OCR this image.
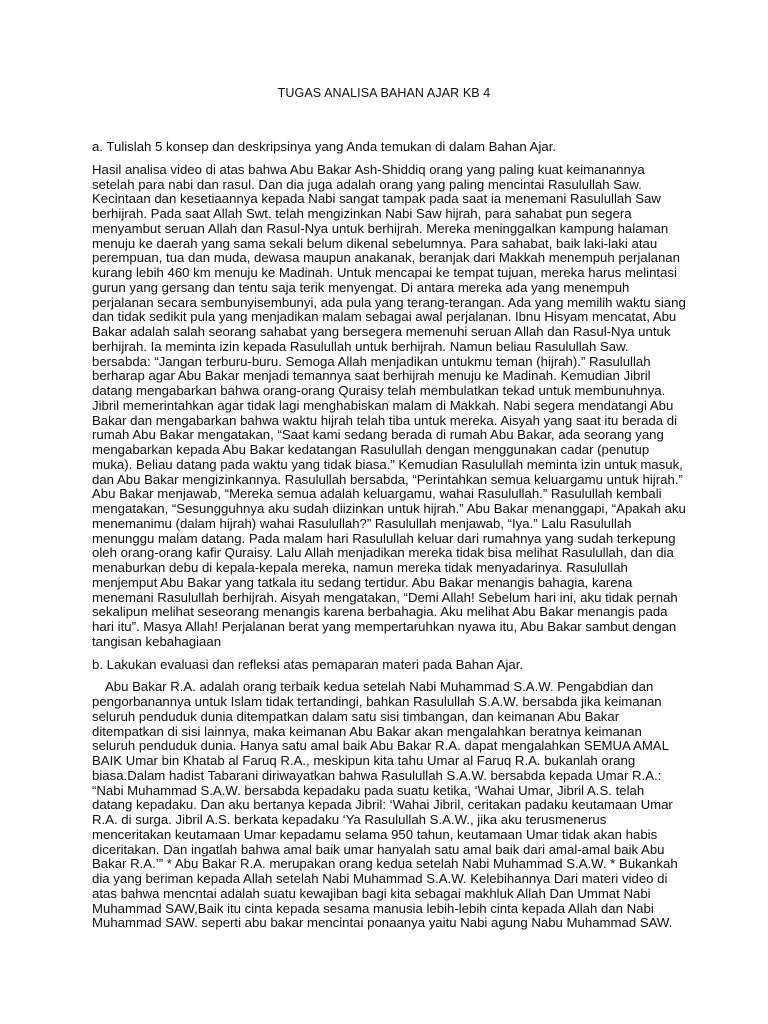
TUGAS ANALISA BAHAN AJAR KB 4

a. Tulislah 5 konsep dan deskripsinya yang Anda temukan di dalam Bahan Ajar.

Hasil analisa video di atas bahwa Abu Bakar Ash-Shiddiq orang yang paling kuat keimanannya setelah para nabi dan rasul. Dan dia juga adalah orang yang paling mencintai Rasulullah Saw. Kecintaan dan kesetiaannya kepada Nabi sangat tampak pada saat ia menemani Rasulullah Saw berhijrah. Pada saat Allah Swt. telah mengizinkan Nabi Saw hijrah, para sahabat pun segera menyambut seruan Allah dan Rasul-Nya untuk berhijrah. Mereka meninggalkan kampung halaman menuju ke daerah yang sama sekali belum dikenal sebelumnya. Para sahabat, baik laki-laki atau perempuan, tua dan muda, dewasa maupun anakanak, beranjak dari Makkah menempuh perjalanan kurang lebih 460 km menuju ke Madinah. Untuk mencapai ke tempat tujuan, mereka harus melintasi gurun yang gersang dan tentu saja terik menyengat. Di antara mereka ada yang menempuh perjalanan secara sembunyisembunyi, ada pula yang terang-terangan. Ada yang memilih waktu siang dan tidak sedikit pula yang menjadikan malam sebagai awal perjalanan. Ibnu Hisyam mencatat, Abu Bakar adalah salah seorang sahabat yang bersegera memenuhi seruan Allah dan Rasul-Nya untuk berhijrah. Ia meminta izin kepada Rasulullah untuk berhijrah. Namun beliau Rasulullah Saw. bersabda: “Jangan terburu-buru. Semoga Allah menjadikan untukmu teman (hijrah).” Rasulullah berharap agar Abu Bakar menjadi temannya saat berhijrah menuju ke Madinah. Kemudian Jibril datang mengabarkan bahwa orang-orang Quraisy telah membulatkan tekad untuk membunuhnya. Jibril memerintahkan agar tidak lagi menghabiskan malam di Makkah. Nabi segera mendatangi Abu Bakar dan mengabarkan bahwa waktu hijrah telah tiba untuk mereka. Aisyah yang saat itu berada di rumah Abu Bakar mengatakan, “Saat kami sedang berada di rumah Abu Bakar, ada seorang yang mengabarkan kepada Abu Bakar kedatangan Rasulullah dengan menggunakan cadar (penutup muka). Beliau datang pada waktu yang tidak biasa.” Kemudian Rasulullah meminta izin untuk masuk, dan Abu Bakar mengizinkannya. Rasulullah bersabda, “Perintahkan semua keluargamu untuk hijrah.” Abu Bakar menjawab, “Mereka semua adalah keluargamu, wahai Rasulullah.” Rasulullah kembali mengatakan, “Sesungguhnya aku sudah diizinkan untuk hijrah.” Abu Bakar menanggapi, “Apakah aku menemanimu (dalam hijrah) wahai Rasulullah?” Rasulullah menjawab, “Iya.” Lalu Rasulullah menunggu malam datang. Pada malam hari Rasulullah keluar dari rumahnya yang sudah terkepung oleh orang-orang kafir Quraisy. Lalu Allah menjadikan mereka tidak bisa melihat Rasulullah, dan dia menaburkan debu di kepala-kepala mereka, namun mereka tidak menyadarinya. Rasulullah menjemput Abu Bakar yang tatkala itu sedang tertidur. Abu Bakar menangis bahagia, karena menemani Rasulullah berhijrah. Aisyah mengatakan, “Demi Allah! Sebelum hari ini, aku tidak pernah sekalipun melihat seseorang menangis karena berbahagia. Aku melihat Abu Bakar menangis pada hari itu”. Masya Allah! Perjalanan berat yang mempertaruhkan nyawa itu, Abu Bakar sambut dengan tangisan kebahagiaan

b. Lakukan evaluasi dan refleksi atas pemaparan materi pada Bahan Ajar.

Abu Bakar R.A. adalah orang terbaik kedua setelah Nabi Muhammad S.A.W. Pengabdian dan pengorbanannya untuk Islam tidak tertandingi, bahkan Rasulullah S.A.W. bersabda jika keimanan seluruh penduduk dunia ditempatkan dalam satu sisi timbangan, dan keimanan Abu Bakar ditempatkan di sisi lainnya, maka keimanan Abu Bakar akan mengalahkan beratnya keimanan seluruh penduduk dunia. Hanya satu amal baik Abu Bakar R.A. dapat mengalahkan SEMUA AMAL BAIK Umar bin Khatab al Faruq R.A., meskipun kita tahu Umar al Faruq R.A. bukanlah orang biasa.Dalam hadist Tabarani diriwayatkan bahwa Rasulullah S.A.W. bersabda kepada Umar R.A.: “Nabi Muhammad S.A.W. bersabda kepadaku pada suatu ketika, ‘Wahai Umar, Jibril A.S. telah datang kepadaku. Dan aku bertanya kepada Jibril: ‘Wahai Jibril, ceritakan padaku keutamaan Umar R.A. di surga. Jibril A.S. berkata kepadaku ‘Ya Rasulullah S.A.W., jika aku terusmenerus menceritakan keutamaan Umar kepadamu selama 950 tahun, keutamaan Umar tidak akan habis diceritakan. Dan ingatlah bahwa amal baik umar hanyalah satu amal baik dari amal-amal baik Abu Bakar R.A.’” * Abu Bakar R.A. merupakan orang kedua setelah Nabi Muhammad S.A.W. * Bukankah dia yang beriman kepada Allah setelah Nabi Muhammad S.A.W. Kelebihannya Dari materi video di atas bahwa mencntai adalah suatu kewajiban bagi kita sebagai makhluk Allah Dan Ummat Nabi Muhammad SAW,Baik itu cinta kepada sesama manusia lebih-lebih cinta kepada Allah dan Nabi Muhammad SAW. seperti abu bakar mencintai ponaanya yaitu Nabi agung Nabu Muhammad SAW.
